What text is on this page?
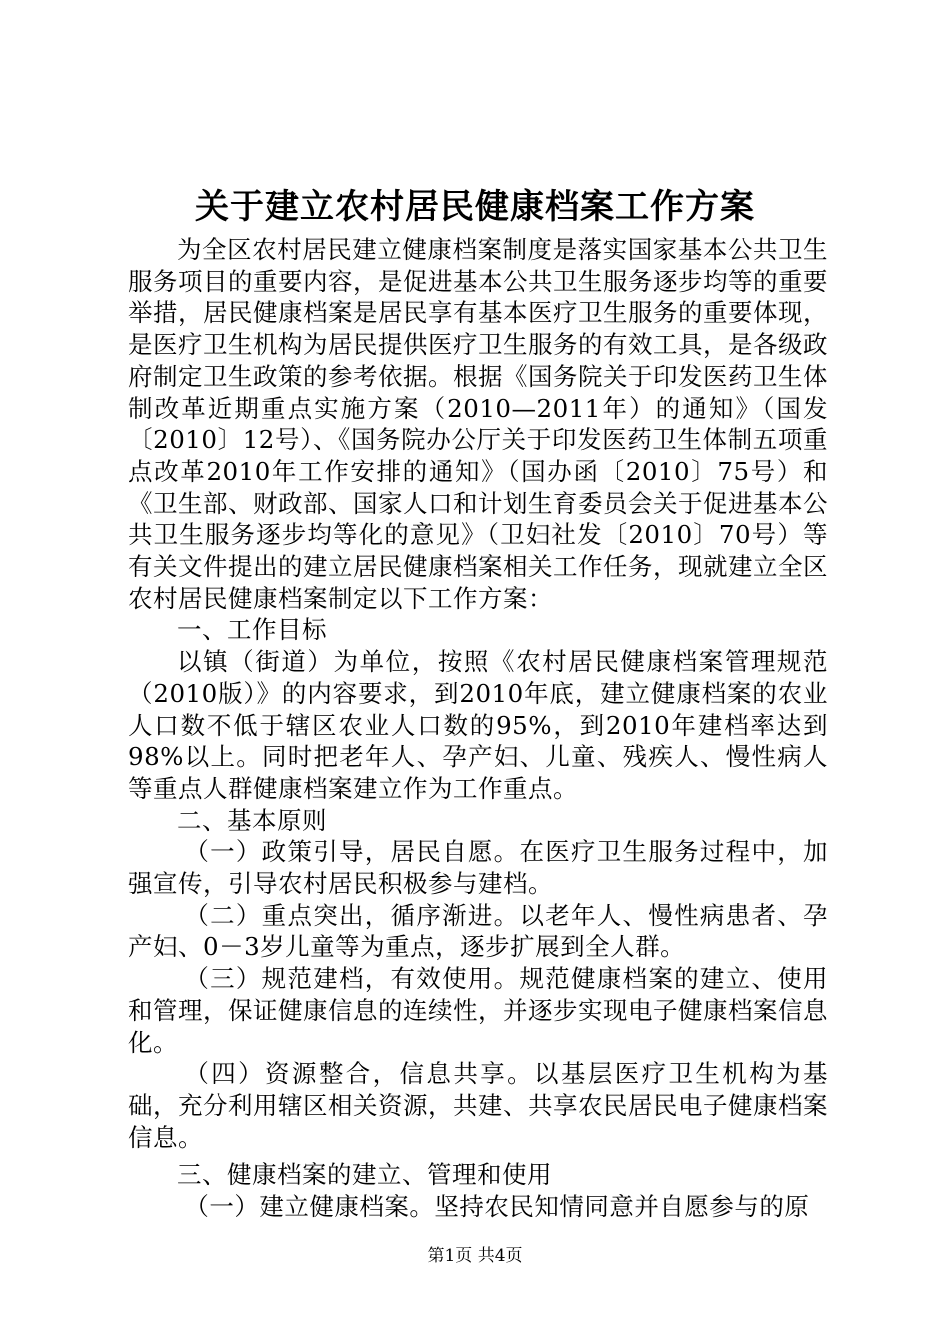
关于建立农村居民健康档案工作方案

为全区农村居民建立健康档案制度是落实国家基本公共卫生服务项目的重要内容，是促进基本公共卫生服务逐步均等的重要举措，居民健康档案是居民享有基本医疗卫生服务的重要体现，是医疗卫生机构为居民提供医疗卫生服务的有效工具，是各级政府制定卫生政策的参考依据。根据《国务院关于印发医药卫生体制改革近期重点实施方案（2010—2011年）的通知》（国发〔2010〕12号）、《国务院办公厅关于印发医药卫生体制五项重点改革2010年工作安排的通知》（国办函〔2010〕75号）和《卫生部、财政部、国家人口和计划生育委员会关于促进基本公共卫生服务逐步均等化的意见》（卫妇社发〔2010〕70号）等有关文件提出的建立居民健康档案相关工作任务，现就建立全区农村居民健康档案制定以下工作方案：

一、工作目标

以镇（街道）为单位，按照《农村居民健康档案管理规范（2010版）》的内容要求，到2010年底，建立健康档案的农业人口数不低于辖区农业人口数的95%，到2010年建档率达到98%以上。同时把老年人、孕产妇、儿童、残疾人、慢性病人等重点人群健康档案建立作为工作重点。

二、基本原则

（一）政策引导，居民自愿。在医疗卫生服务过程中，加强宣传，引导农村居民积极参与建档。

（二）重点突出，循序渐进。以老年人、慢性病患者、孕产妇、0－3岁儿童等为重点，逐步扩展到全人群。

（三）规范建档，有效使用。规范健康档案的建立、使用和管理，保证健康信息的连续性，并逐步实现电子健康档案信息化。

（四）资源整合，信息共享。以基层医疗卫生机构为基础，充分利用辖区相关资源，共建、共享农民居民电子健康档案信息。

三、健康档案的建立、管理和使用

（一）建立健康档案。坚持农民知情同意并自愿参与的原

第1页 共4页
